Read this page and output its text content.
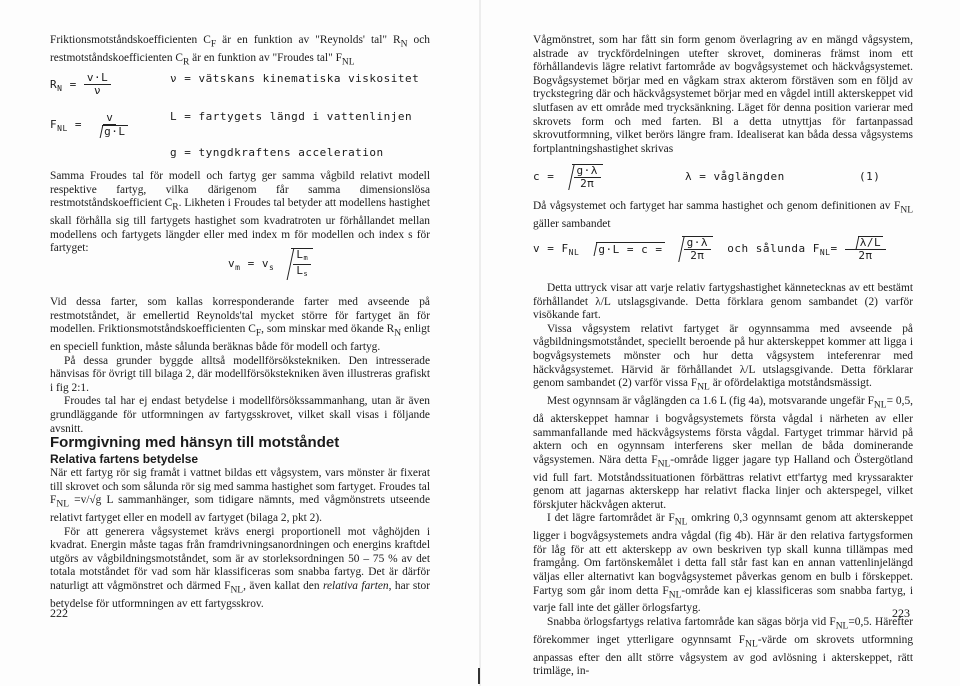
Friktionsmotståndskoefficienten $C_F$ är en funktion av "Reynolds' tal" $R_N$ och restmotståndskoefficienten $C_R$ är en funktion av "Froudes tal" $F_{NL}$

$R_N = \frac{v\cdot L}{\nu}$
$F_{NL} = \frac{v}{g\cdot L}$
ν = vätskans kinematiska viskositet
L = fartygets längd i vattenlinjen
g = tyngdkraftens acceleration

Samma Froudes tal för modell och fartyg ger samma vågbild relativt modell respektive fartyg, vilka därigenom får samma dimensionslösa restmotståndskoefficient $C_R$. Likheten i Froudes tal betyder att modellens hastighet skall förhålla sig till fartygets hastighet som kvadratroten ur förhållandet mellan modellens och fartygets längder eller med index m för modellen och index s för fartyget:

$v_m = v_s \frac{Lm}{Ls}$

Vid dessa farter, som kallas korresponderande farter med avseende på restmotståndet, är emellertid Reynolds'tal mycket större för fartyget än för modellen. Friktionsmotståndskoefficienten $C_F$, som minskar med ökande $R_N$ enligt en speciell funktion, måste sålunda beräknas både för modell och fartyg.

På dessa grunder byggde alltså modellförsökstekniken. Den intresserade hänvisas för övrigt till bilaga 2, där modellförsökstekniken även illustreras grafiskt i fig 2:1.

Froudes tal har ej endast betydelse i modellförsökssammanhang, utan är även grundläggande för utformningen av fartygsskrovet, vilket skall visas i följande avsnitt.

Formgivning med hänsyn till motståndet
Relativa fartens betydelse

När ett fartyg rör sig framåt i vattnet bildas ett vågsystem, vars mönster är fixerat till skrovet och som sålunda rör sig med samma hastighet som fartyget. Froudes tal $F_{NL} =v/√g$ L sammanhänger, som tidigare nämnts, med vågmönstrets utseende relativt fartyget eller en modell av fartyget (bilaga 2, pkt 2).

För att generera vågsystemet krävs energi proportionell mot våghöjden i kvadrat. Energin måste tagas från framdrivningsanordningen och energins kraftdel utgörs av vågbildningsmotståndet, som är av storleksordningen 50 – 75 % av det totala motståndet för vad som här klassificeras som snabba fartyg. Det är därför naturligt att vågmönstret och därmed $F_{NL}$, även kallat den relativa farten, har stor betydelse för utformningen av ett fartygsskrov.

222

Vågmönstret, som har fått sin form genom överlagring av en mängd vågsystem, alstrade av tryckfördelningen utefter skrovet, domineras främst inom ett förhållandevis lägre relativt fartområde av bogvågsystemet och häckvågsystemet. Bogvågsystemet börjar med en vågkam strax akterom förstäven som en följd av tryckstegring där och häckvågsystemet börjar med en vågdel intill akterskeppet vid slutfasen av ett område med trycksänkning. Läget för denna position varierar med skrovets form och med farten. Bl a detta utnyttjas för fartanpassad skrovutformning, vilket berörs längre fram. Idealiserat kan båda dessa vågsystems fortplantningshastighet skrivas

$c = \frac{g\cdot\lambda}{2\pi}$	λ = våglängden	(1)

Då vågsystemet och fartyget har samma hastighet och genom definitionen av $F_{NL}$ gäller sambandet

$v = F_{NL}$ $g\cdot L = c = \frac{g\cdot\lambda}{2\pi}$ och sålunda $F_{NL}= \frac{\lambda/L}{2\pi}$

Detta uttryck visar att varje relativ fartygshastighet kännetecknas av ett bestämt förhållandet λ/L utslagsgivande. Detta förklara genom sambandet (2) varför visökande fart.

Vissa vågsystem relativt fartyget är ogynnsamma med avseende på vågbildningsmotståndet, speciellt beroende på hur akterskeppet kommer att ligga i bogvågsystemets mönster och hur detta vågsystem inteferenrar med häckvågsystemet. Härvid är förhållandet λ/L utslagsgivande. Detta förklarar genom sambandet (2) varför vissa $F_{NL}$ är ofördelaktiga motståndsmässigt.

Mest ogynnsam är våglängden ca 1.6 L (fig 4a), motsvarande ungefär $F_{NL}= 0,5$, då akterskeppet hamnar i bogvågsystemets första vågdal i närheten av eller sammanfallande med häckvågsystems första vågdal. Fartyget trimmar härvid på aktern och en ogynnsam interferens sker mellan de båda dominerande vågsystemen. Nära detta $F_{NL}$-område ligger jagare typ Halland och Östergötland vid full fart. Motståndssituationen förbättras relativt ett'fartyg med kryssarakter genom att jagarnas akterskepp har relativt flacka linjer och akterspegel, vilket förskjuter häckvågen akterut.

I det lägre fartområdet är $F_{NL}$ omkring 0,3 ogynnsamt genom att akterskeppet ligger i bogvågsystemets andra vågdal (fig 4b). Här är den relativa fartygsformen för låg för att ett akterskepp av own beskriven typ skall kunna tillämpas med framgång. Om fartönskemålet i detta fall står fast kan en annan vattenlinjelängd väljas eller alternativt kan bogvågsystemet påverkas genom en bulb i förskeppet. Fartyg som går inom detta $F_{NL}$-område kan ej klassificeras som snabba fartyg, i varje fall inte det gäller örlogsfartyg.

Snabba örlogsfartygs relativa fartområde kan sägas börja vid $F_{NL}=0,5$. Härefter förekommer inget ytterligare ogynnsamt $F_{NL}$-värde om skrovets utformning anpassas efter den allt större vågsystem av god avlösning i akterskeppet, rätt trimläge, in-

223
